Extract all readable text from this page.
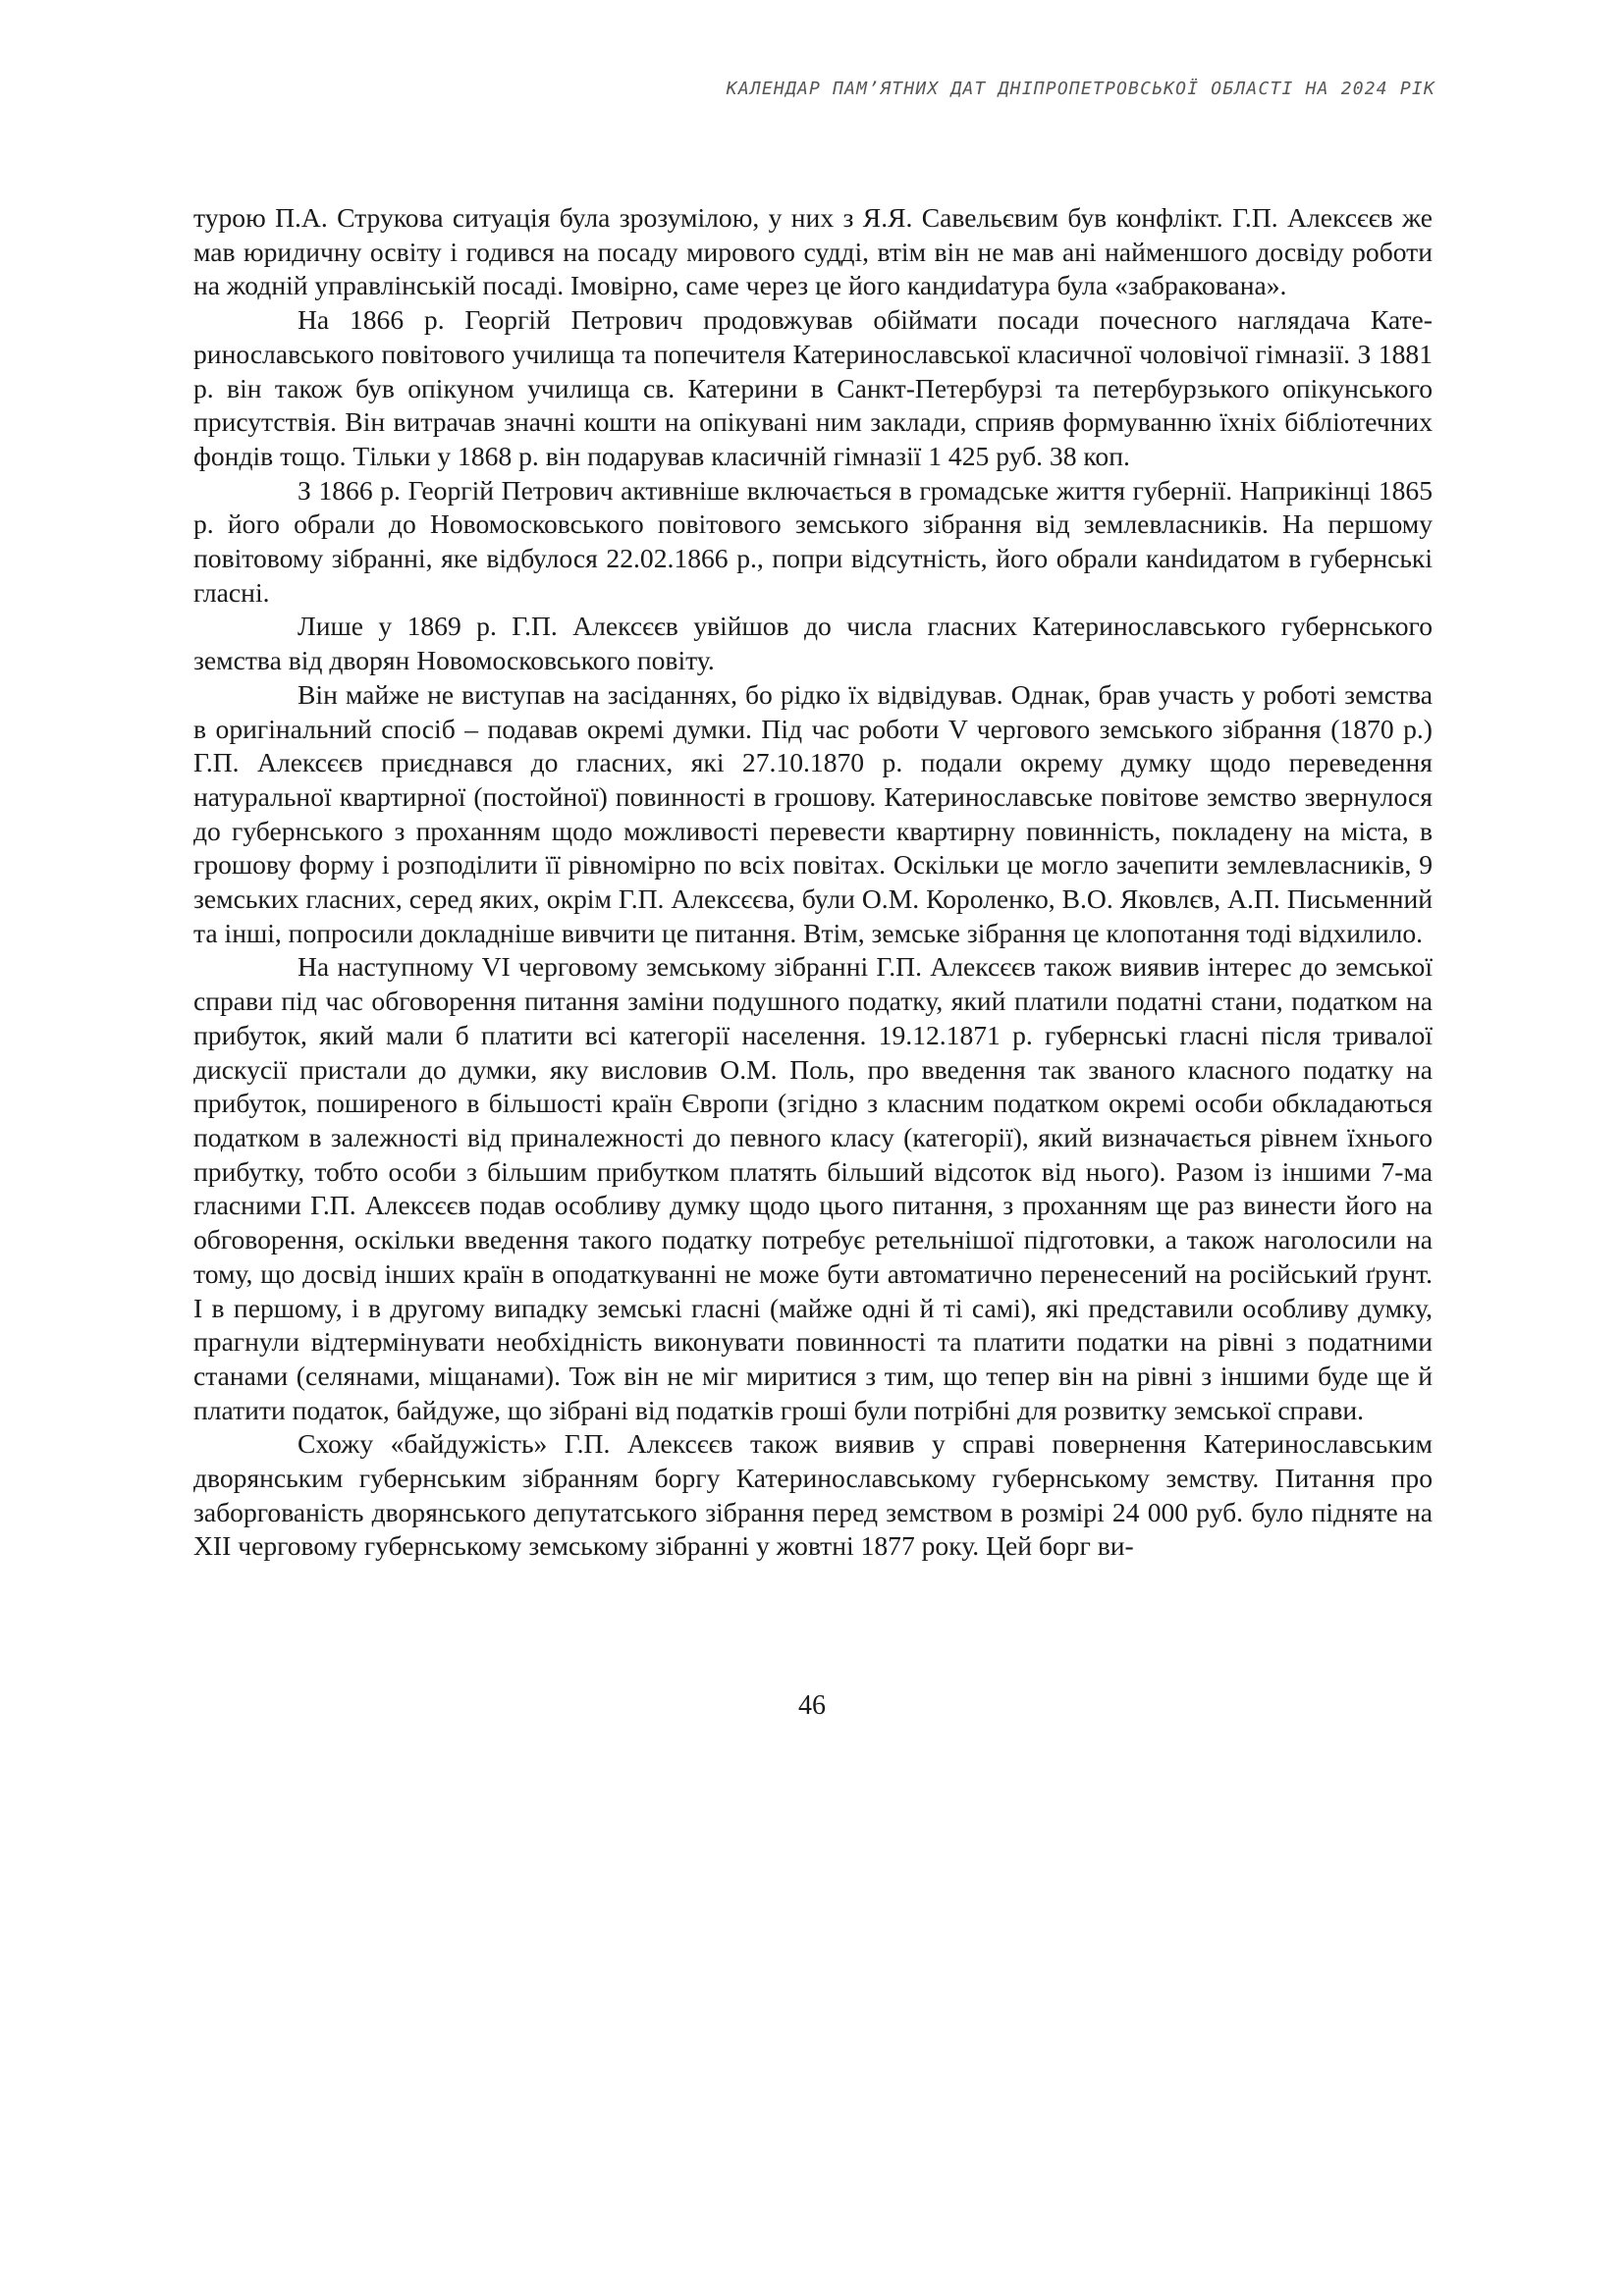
КАЛЕНДАР ПАМ’ЯТНИХ ДАТ ДНІПРОПЕТРОВСЬКОЇ ОБЛАСТІ НА 2024 РІК

турою П.А. Струкова ситуація була зрозумілою, у них з Я.Я. Савельєвим був конфлікт. Г.П. Алексєєв же мав юридичну освіту і годився на посаду мирового судді, втім він не мав ані найменшого досвіду роботи на жодній управлінській посаді. Імовірно, саме через це його кандиdатура була «забракована».

На 1866 р. Георгій Петрович продовжував обіймати посади почесного наглядача Катеринославського повітового училища та попечителя Катеринославської класичної чоловічої гімназії. З 1881 р. він також був опікуном училища св. Катерини в Санкт-Петербурзі та петербурзького опікунського присутствія. Він витрачав значні кошти на опікувані ним заклади, сприяв формуванню їхніх бібліотечних фондів тощо. Тільки у 1868 р. він подарував класичній гімназії 1 425 руб. 38 коп.

З 1866 р. Георгій Петрович активніше включається в громадське життя губернії. Наприкінці 1865 р. його обрали до Новомосковського повітового земського зібрання від землевласників. На першому повітовому зібранні, яке відбулося 22.02.1866 р., попри відсутність, його обрали канdидатом в губернські гласні.

Лише у 1869 р. Г.П. Алексєєв увійшов до числа гласних Катеринославського губернського земства від дворян Новомосковського повіту.

Він майже не виступав на засіданнях, бо рідко їх відвідував. Однак, брав участь у роботі земства в оригінальний спосіб – подавав окремі думки. Під час роботи V чергового земського зібрання (1870 р.) Г.П. Алексєєв приєднався до гласних, які 27.10.1870 р. подали окрему думку щодо переведення натуральної квартирної (постойної) повинності в грошову. Катеринославське повітове земство звернулося до губернського з проханням щодо можливості перевести квартирну повинність, покладену на міста, в грошову форму і розподілити її рівномірно по всіх повітах. Оскільки це могло зачепити землевласників, 9 земських гласних, серед яких, окрім Г.П. Алексєєва, були О.М. Короленко, В.О. Яковлєв, А.П. Письменний та інші, попросили докладніше вивчити це питання. Втім, земське зібрання це клопотання тоді відхилило.

На наступному VI черговому земському зібранні Г.П. Алексєєв також виявив інтерес до земської справи під час обговорення питання заміни подушного податку, який платили податні стани, податком на прибуток, який мали б платити всі категорії населення. 19.12.1871 р. губернські гласні після тривалої дискусії пристали до думки, яку висловив О.М. Поль, про введення так званого класного податку на прибуток, поширеного в більшості країн Європи (згідно з класним податком окремі особи обкладаються податком в залежності від приналежності до певного класу (категорії), який визначається рівнем їхнього прибутку, тобто особи з більшим прибутком платять більший відсоток від нього). Разом із іншими 7-ма гласними Г.П. Алексєєв подав особливу думку щодо цього питання, з проханням ще раз винести його на обговорення, оскільки введення такого податку потребує ретельнішої підготовки, а також наголосили на тому, що досвід інших країн в оподаткуванні не може бути автоматично перенесений на російський ґрунт. І в першому, і в другому випадку земські гласні (майже одні й ті самі), які представили особливу думку, прагнули відтермінувати необхідність виконувати повинності та платити податки на рівні з податними станами (селянами, міщанами). Тож він не міг миритися з тим, що тепер він на рівні з іншими буде ще й платити податок, байдуже, що зібрані від податків гроші були потрібні для розвитку земської справи.

Схожу «байдужість» Г.П. Алексєєв також виявив у справі повернення Катеринославським дворянським губернським зібранням боргу Катеринославському губернському земству. Питання про заборгованість дворянського депутатського зібрання перед земством в розмірі 24 000 руб. було підняте на XII черговому губернському земському зібранні у жовтні 1877 року. Цей борг ви-

46
